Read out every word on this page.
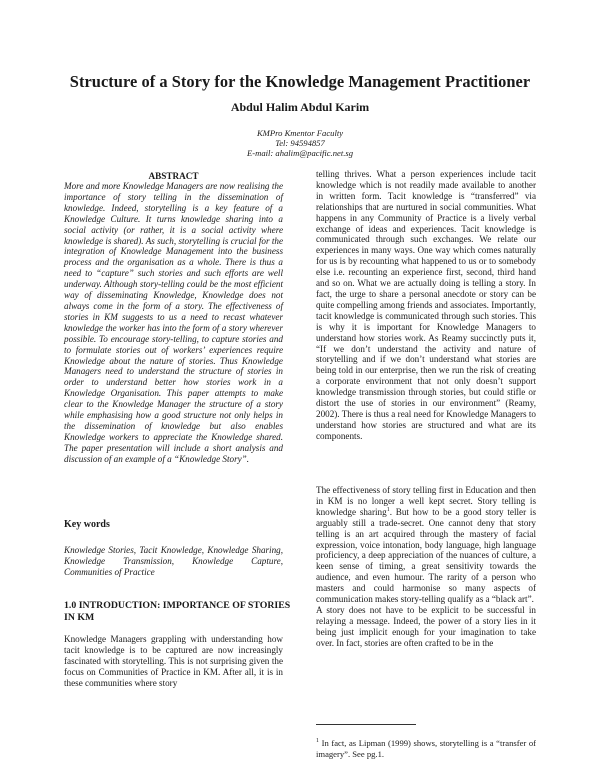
Structure of a Story for the Knowledge Management Practitioner
Abdul Halim Abdul Karim
KMPro Kmentor Faculty
Tel: 94594857
E-mail: ahalim@pacific.net.sg
ABSTRACT

More and more Knowledge Managers are now realising the importance of story telling in the dissemination of knowledge. Indeed, storytelling is a key feature of a Knowledge Culture. It turns knowledge sharing into a social activity (or rather, it is a social activity where knowledge is shared). As such, storytelling is crucial for the integration of Knowledge Management into the business process and the organisation as a whole. There is thus a need to “capture” such stories and such efforts are well underway. Although story-telling could be the most efficient way of disseminating Knowledge, Knowledge does not always come in the form of a story. The effectiveness of stories in KM suggests to us a need to recast whatever knowledge the worker has into the form of a story wherever possible. To encourage story-telling, to capture stories and to formulate stories out of workers’ experiences require Knowledge about the nature of stories. Thus Knowledge Managers need to understand the structure of stories in order to understand better how stories work in a Knowledge Organisation. This paper attempts to make clear to the Knowledge Manager the structure of a story while emphasising how a good structure not only helps in the dissemination of knowledge but also enables Knowledge workers to appreciate the Knowledge shared. The paper presentation will include a short analysis and discussion of an example of a “Knowledge Story”.

Key words

Knowledge Stories, Tacit Knowledge, Knowledge Sharing, Knowledge Transmission, Knowledge Capture, Communities of Practice

1.0 INTRODUCTION: IMPORTANCE OF STORIES IN KM

Knowledge Managers grappling with understanding how tacit knowledge is to be captured are now increasingly fascinated with storytelling. This is not surprising given the focus on Communities of Practice in KM. After all, it is in these communities where story

telling thrives. What a person experiences include tacit knowledge which is not readily made available to another in written form. Tacit knowledge is “transferred” via relationships that are nurtured in social communities. What happens in any Community of Practice is a lively verbal exchange of ideas and experiences. Tacit knowledge is communicated through such exchanges. We relate our experiences in many ways. One way which comes naturally for us is by recounting what happened to us or to somebody else i.e. recounting an experience first, second, third hand and so on. What we are actually doing is telling a story. In fact, the urge to share a personal anecdote or story can be quite compelling among friends and associates. Importantly, tacit knowledge is communicated through such stories. This is why it is important for Knowledge Managers to understand how stories work. As Reamy succinctly puts it, “If we don’t understand the activity and nature of storytelling and if we don’t understand what stories are being told in our enterprise, then we run the risk of creating a corporate environment that not only doesn’t support knowledge transmission through stories, but could stifle or distort the use of stories in our environment” (Reamy, 2002). There is thus a real need for Knowledge Managers to understand how stories are structured and what are its components.

The effectiveness of story telling first in Education and then in KM is no longer a well kept secret. Story telling is knowledge sharing$^1$. But how to be a good story teller is arguably still a trade-secret. One cannot deny that story telling is an art acquired through the mastery of facial expression, voice intonation, body language, high language proficiency, a deep appreciation of the nuances of culture, a keen sense of timing, a great sensitivity towards the audience, and even humour. The rarity of a person who masters and could harmonise so many aspects of communication makes story-telling qualify as a “black art”.

A story does not have to be explicit to be successful in relaying a message. Indeed, the power of a story lies in it being just implicit enough for your imagination to take over. In fact, stories are often crafted to be in the

$^1$ In fact, as Lipman (1999) shows, storytelling is a “transfer of imagery”. See pg.1.
